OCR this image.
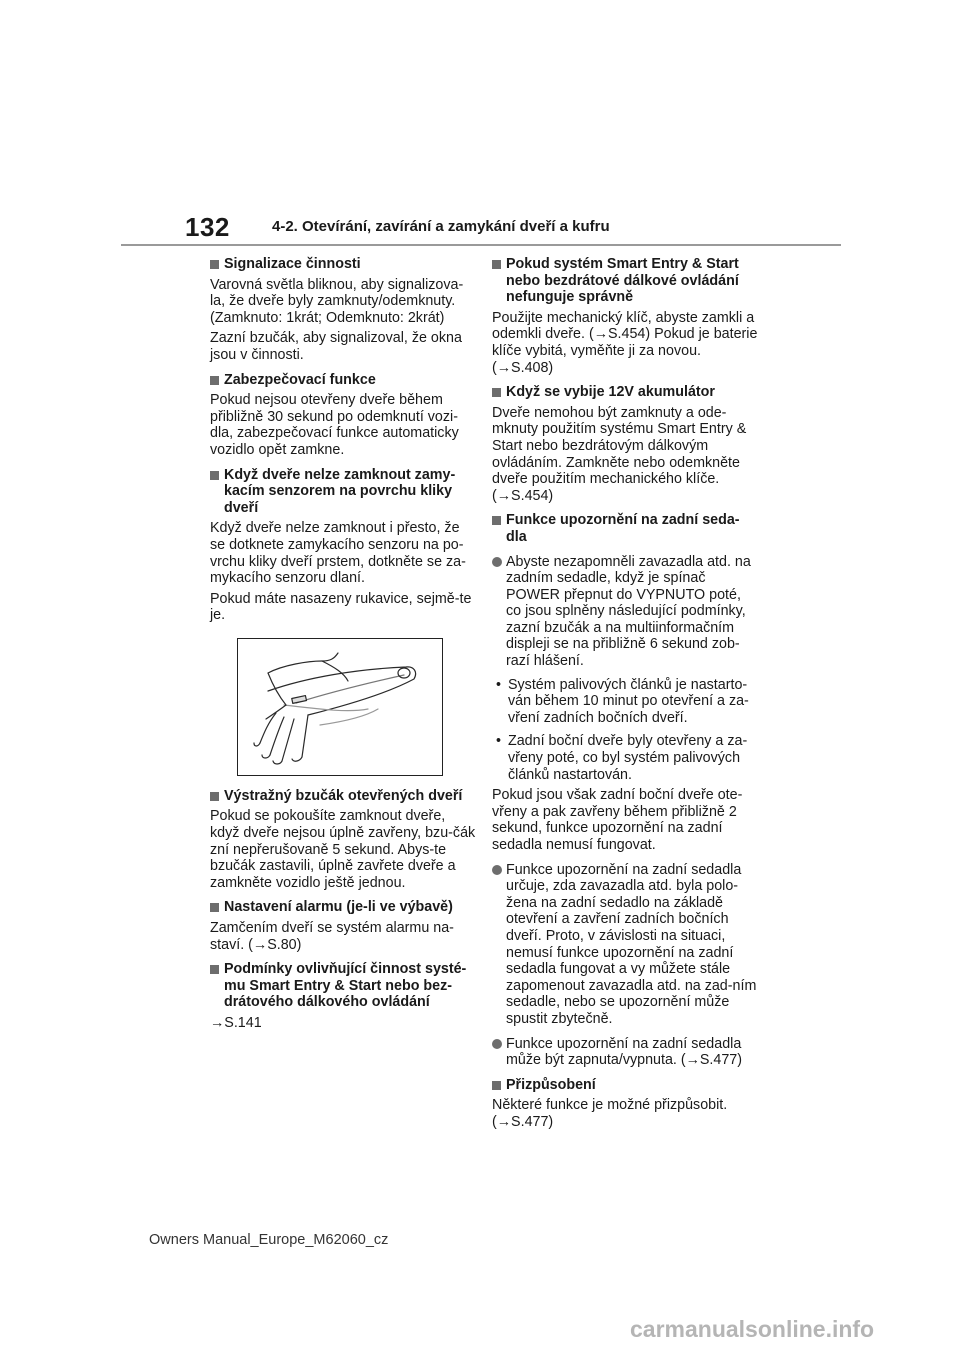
132	4-2. Otevírání, zavírání a zamykání dveří a kufru
Signalizace činnosti
Varovná světla bliknou, aby signalizova-la, že dveře byly zamknuty/odemknuty. (Zamknuto: 1krát; Odemknuto: 2krát)
Zazní bzučák, aby signalizoval, že okna jsou v činnosti.
Zabezpečovací funkce
Pokud nejsou otevřeny dveře během přibližně 30 sekund po odemknutí vozi-dla, zabezpečovací funkce automaticky vozidlo opět zamkne.
Když dveře nelze zamknout zamy-kacím senzorem na povrchu kliky dveří
Když dveře nelze zamknout i přesto, že se dotknete zamykacího senzoru na po-vrchu kliky dveří prstem, dotkněte se za-mykacího senzoru dlaní.
Pokud máte nasazeny rukavice, sejmě-te je.
Výstražný bzučák otevřených dveří
Pokud se pokoušíte zamknout dveře, když dveře nejsou úplně zavřeny, bzu-čák zní nepřerušovaně 5 sekund. Abys-te bzučák zastavili, úplně zavřete dveře a zamkněte vozidlo ještě jednou.
Nastavení alarmu (je-li ve výbavě)
Zamčením dveří se systém alarmu na-staví. (→S.80)
Podmínky ovlivňující činnost systé-mu Smart Entry & Start nebo bez-drátového dálkového ovládání
→S.141
Pokud systém Smart Entry & Start nebo bezdrátové dálkové ovládání nefunguje správně
Použijte mechanický klíč, abyste zamkli a odemkli dveře. (→S.454) Pokud je baterie klíče vybitá, vyměňte ji za novou. (→S.408)
Když se vybije 12V akumulátor
Dveře nemohou být zamknuty a ode-mknuty použitím systému Smart Entry & Start nebo bezdrátovým dálkovým ovládáním. Zamkněte nebo odemkněte dveře použitím mechanického klíče. (→S.454)
Funkce upozornění na zadní seda-dla
Abyste nezapomněli zavazadla atd. na zadním sedadle, když je spínač POWER přepnut do VYPNUTO poté, co jsou splněny následující podmínky, zazní bzučák a na multiinformačním displeji se na přibližně 6 sekund zob-razí hlášení.
• Systém palivových článků je nastarto-ván během 10 minut po otevření a za-vření zadních bočních dveří.
• Zadní boční dveře byly otevřeny a za-vřeny poté, co byl systém palivových článků nastartován.
Pokud jsou však zadní boční dveře ote-vřeny a pak zavřeny během přibližně 2 sekund, funkce upozornění na zadní sedadla nemusí fungovat.
Funkce upozornění na zadní sedadla určuje, zda zavazadla atd. byla polo-žena na zadní sedadlo na základě otevření a zavření zadních bočních dveří. Proto, v závislosti na situaci, nemusí funkce upozornění na zadní sedadla fungovat a vy můžete stále zapomenout zavazadla atd. na zad-ním sedadle, nebo se upozornění může spustit zbytečně.
Funkce upozornění na zadní sedadla může být zapnuta/vypnuta. (→S.477)
Přizpůsobení
Některé funkce je možné přizpůsobit. (→S.477)
Owners Manual_Europe_M62060_cz
carmanualsonline.info
